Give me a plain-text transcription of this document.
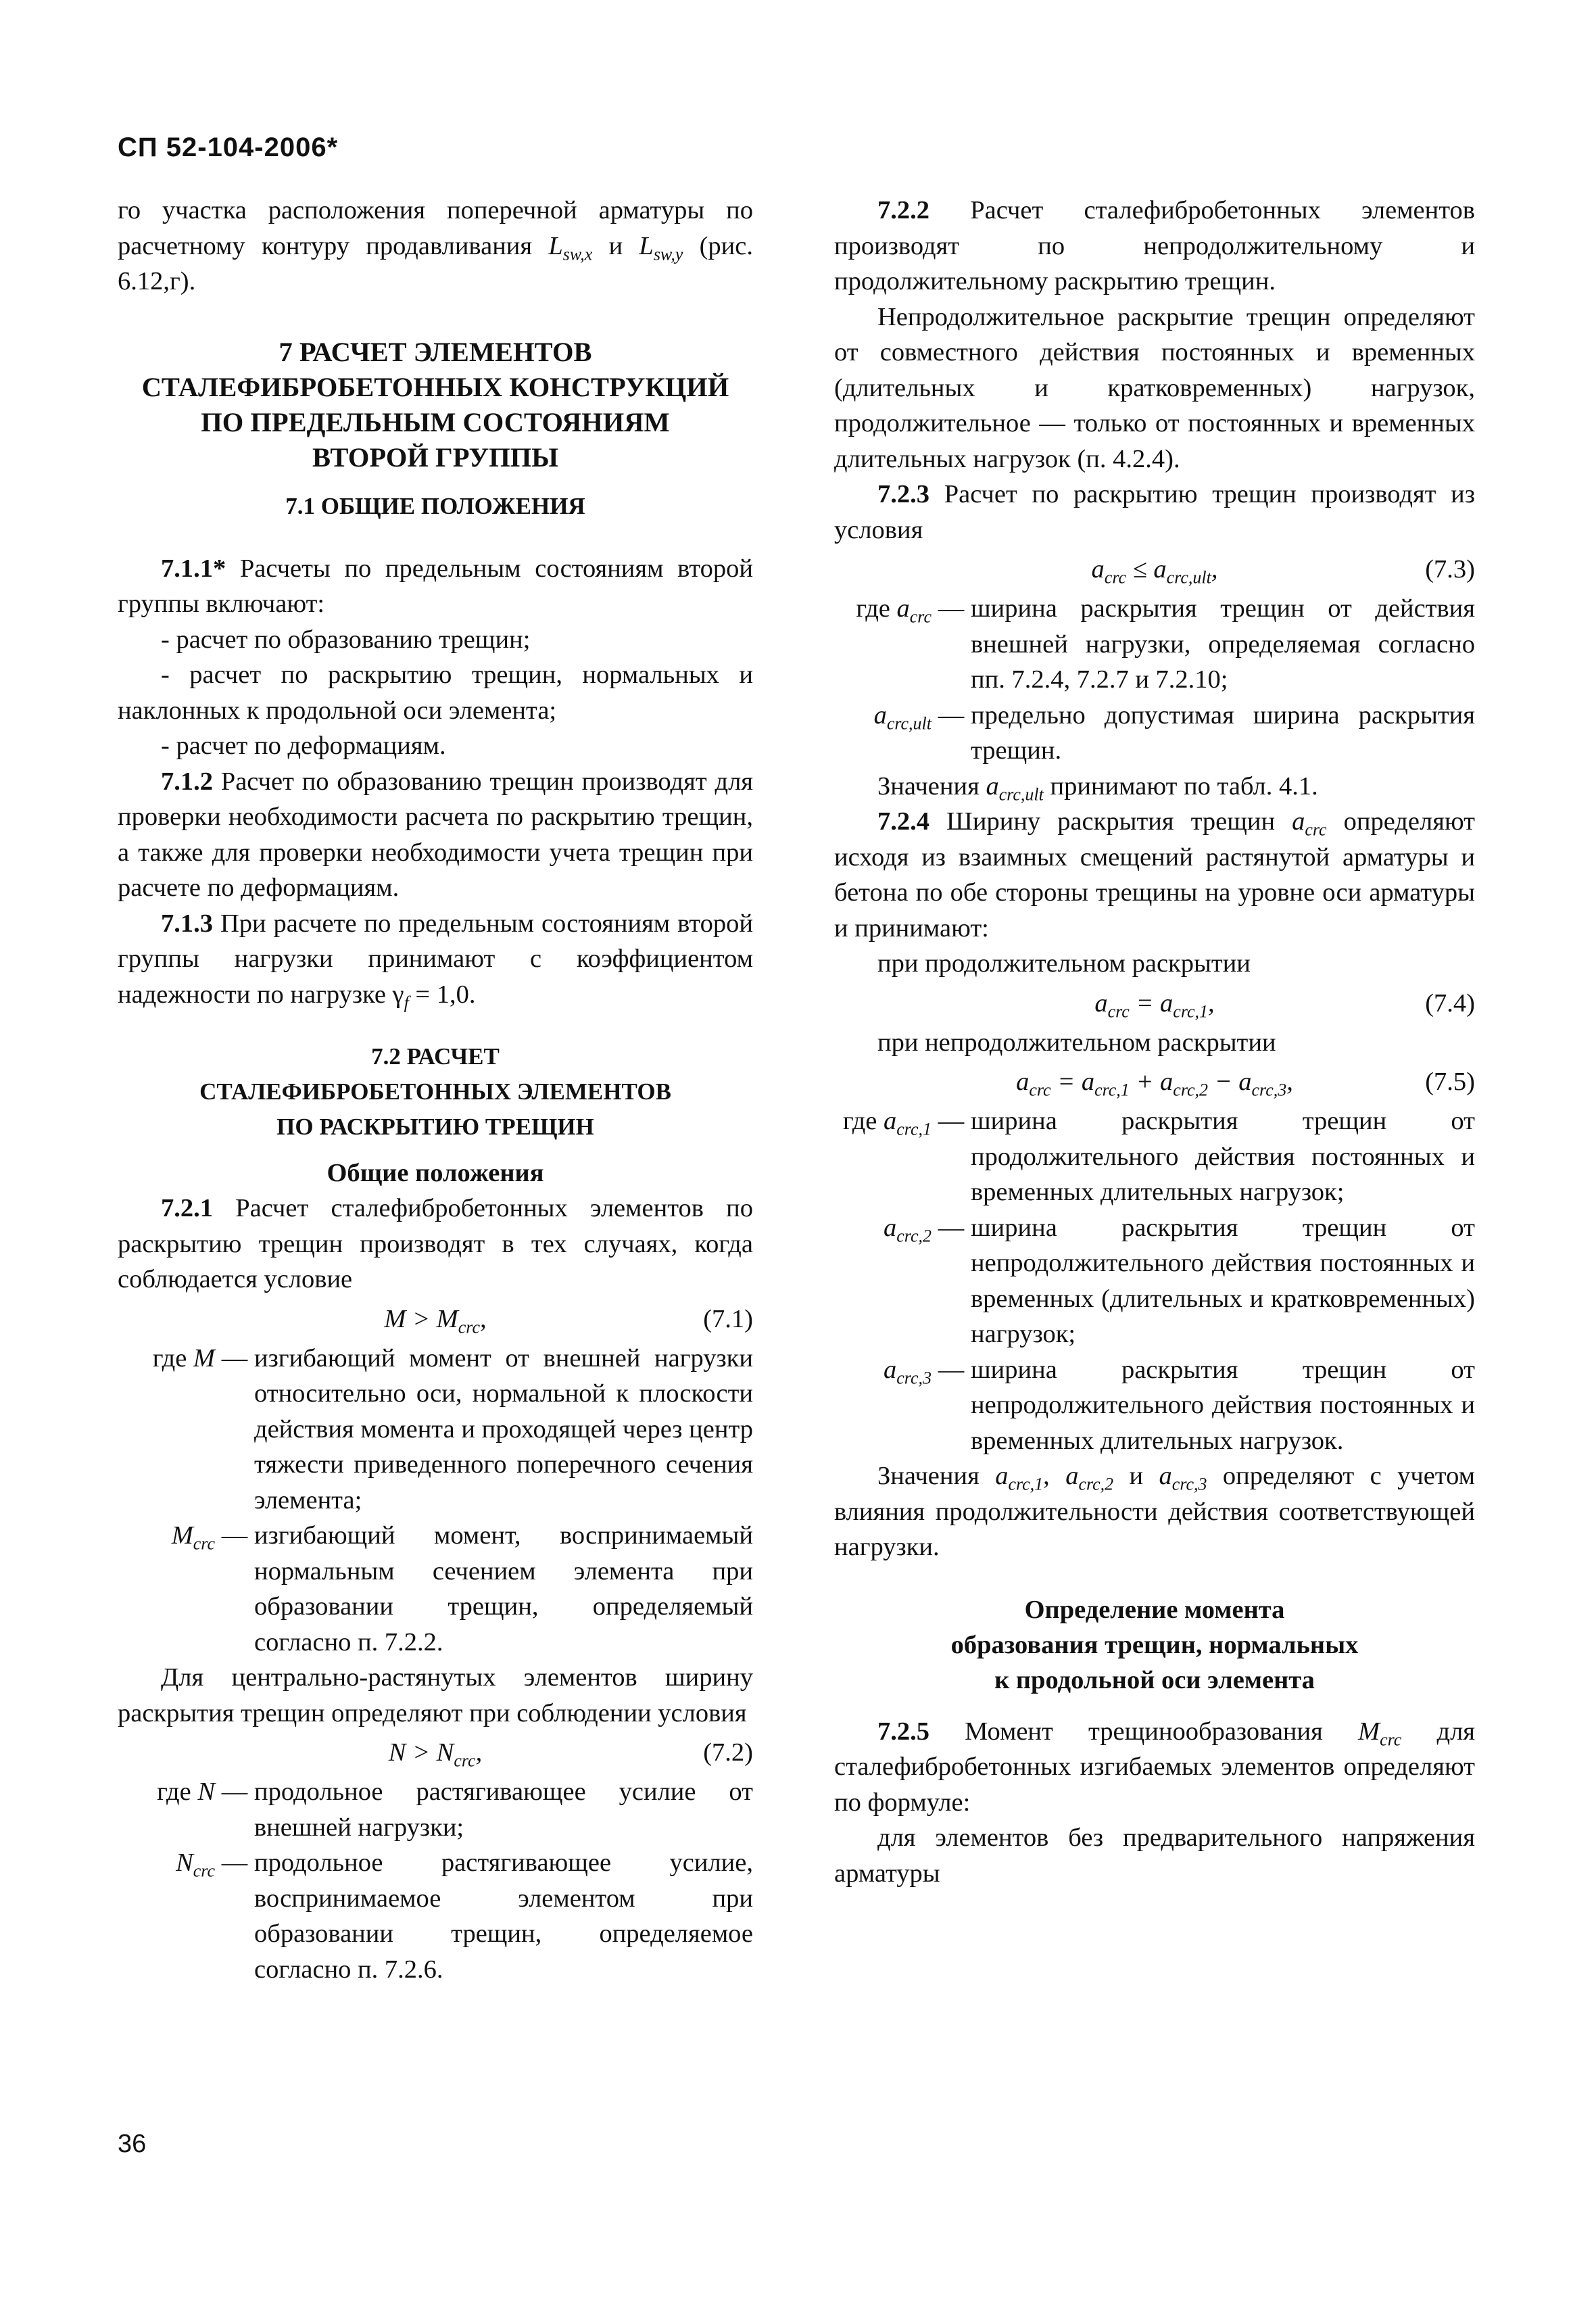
СП 52-104-2006*

го участка расположения поперечной арматуры по расчетному контуру продавливания $L_{sw,x}$ и $L_{sw,y}$ (рис. 6.12,г).

7 РАСЧЕТ ЭЛЕМЕНТОВ
СТАЛЕФИБРОБЕТОННЫХ КОНСТРУКЦИЙ
ПО ПРЕДЕЛЬНЫМ СОСТОЯНИЯМ
ВТОРОЙ ГРУППЫ
7.1 ОБЩИЕ ПОЛОЖЕНИЯ

7.1.1* Расчеты по предельным состояниям второй группы включают:

- расчет по образованию трещин;

- расчет по раскрытию трещин, нормальных и наклонных к продольной оси элемента;

- расчет по деформациям.

7.1.2 Расчет по образованию трещин производят для проверки необходимости расчета по раскрытию трещин, а также для проверки необходимости учета трещин при расчете по деформациям.

7.1.3 При расчете по предельным состояниям второй группы нагрузки принимают с коэффициентом надежности по нагрузке $\gamma_f = 1,0$.

7.2 РАСЧЕТ
СТАЛЕФИБРОБЕТОННЫХ ЭЛЕМЕНТОВ
ПО РАСКРЫТИЮ ТРЕЩИН
Общие положения

7.2.1 Расчет сталефибробетонных элементов по раскрытию трещин производят в тех случаях, когда соблюдается условие

$M > M_{crc}$,	(7.1)
где M — изгибающий момент от внешней нагрузки относительно оси, нормальной к плоскости действия момента и проходящей через центр тяжести приведенного поперечного сечения элемента;
$M_{crc}$ — изгибающий момент, воспринимаемый нормальным сечением элемента при образовании трещин, определяемый согласно п. 7.2.2.

Для центрально-растянутых элементов ширину раскрытия трещин определяют при соблюдении условия

$N > N_{crc}$,	(7.2)
где N — продольное растягивающее усилие от внешней нагрузки;
$N_{crc}$ — продольное растягивающее усилие, воспринимаемое элементом при образовании трещин, определяемое согласно п. 7.2.6.

7.2.2 Расчет сталефибробетонных элементов производят по непродолжительному и продолжительному раскрытию трещин.

Непродолжительное раскрытие трещин определяют от совместного действия постоянных и временных (длительных и кратковременных) нагрузок, продолжительное — только от постоянных и временных длительных нагрузок (п. 4.2.4).

7.2.3 Расчет по раскрытию трещин производят из условия

$a_{crc} \le a_{crc,ult}$,	(7.3)
где $a_{crc}$ — ширина раскрытия трещин от действия внешней нагрузки, определяемая согласно пп. 7.2.4, 7.2.7 и 7.2.10;
$a_{crc,ult}$ — предельно допустимая ширина раскрытия трещин.

Значения $a_{crc,ult}$ принимают по табл. 4.1.

7.2.4 Ширину раскрытия трещин $a_{crc}$ определяют исходя из взаимных смещений растянутой арматуры и бетона по обе стороны трещины на уровне оси арматуры и принимают:

при продолжительном раскрытии

$a_{crc} = a_{crc,1}$,	(7.4)

при непродолжительном раскрытии

$a_{crc} = a_{crc,1} + a_{crc,2} - a_{crc,3}$,	(7.5)
где $a_{crc,1}$ — ширина раскрытия трещин от продолжительного действия постоянных и временных длительных нагрузок;
$a_{crc,2}$ — ширина раскрытия трещин от непродолжительного действия постоянных и временных (длительных и кратковременных) нагрузок;
$a_{crc,3}$ — ширина раскрытия трещин от непродолжительного действия постоянных и временных длительных нагрузок.

Значения $a_{crc,1}$, $a_{crc,2}$ и $a_{crc,3}$ определяют с учетом влияния продолжительности действия соответствующей нагрузки.

Определение момента
образования трещин, нормальных
к продольной оси элемента

7.2.5 Момент трещинообразования $M_{crc}$ для сталефибробетонных изгибаемых элементов определяют по формуле:

для элементов без предварительного напряжения арматуры

36
